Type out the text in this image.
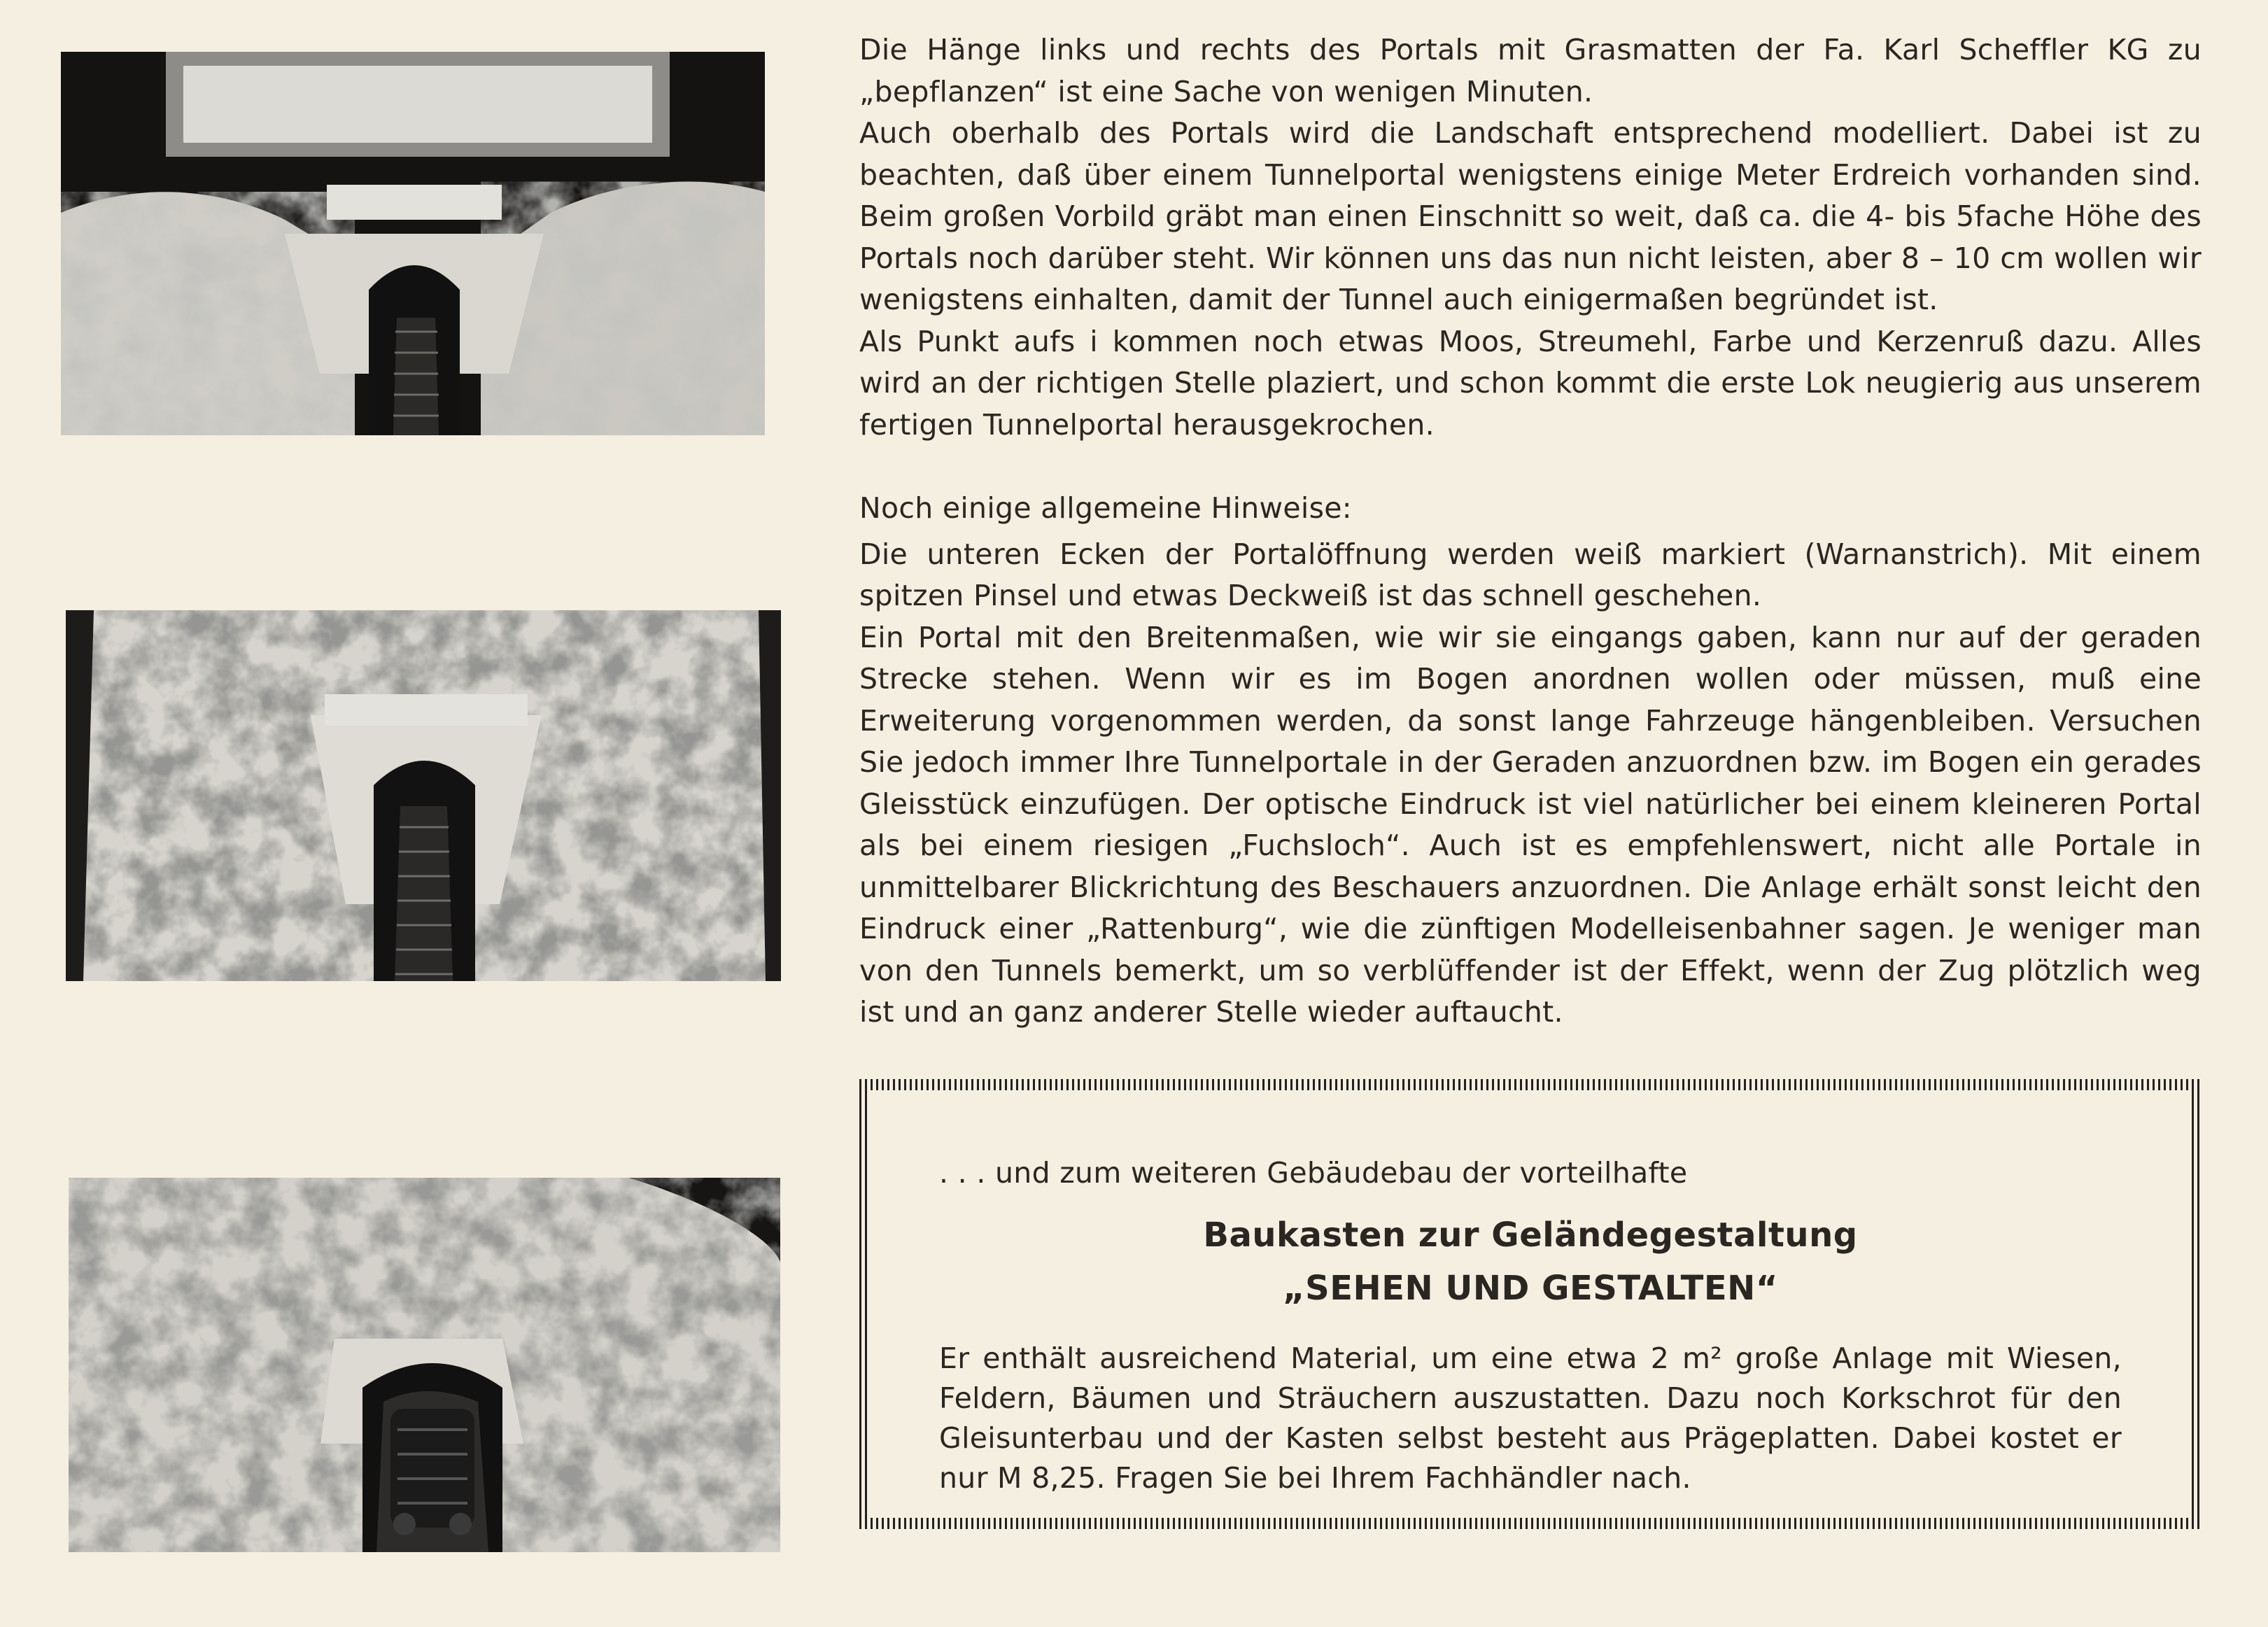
Die Hänge links und rechts des Portals mit Grasmatten der Fa. Karl Scheffler KG zu „bepflanzen“ ist eine Sache von wenigen Minuten.

Auch oberhalb des Portals wird die Landschaft entsprechend modelliert. Dabei ist zu beachten, daß über einem Tunnelportal wenigstens einige Meter Erdreich vorhanden sind. Beim großen Vorbild gräbt man einen Einschnitt so weit, daß ca. die 4- bis 5fache Höhe des Portals noch darüber steht. Wir können uns das nun nicht leisten, aber 8 – 10 cm wollen wir wenigstens einhalten, damit der Tunnel auch einigermaßen begründet ist.

Als Punkt aufs i kommen noch etwas Moos, Streumehl, Farbe und Kerzenruß dazu. Alles wird an der richtigen Stelle plaziert, und schon kommt die erste Lok neugierig aus unserem fertigen Tunnelportal herausgekrochen.

Noch einige allgemeine Hinweise:

Die unteren Ecken der Portalöffnung werden weiß markiert (Warnanstrich). Mit einem spitzen Pinsel und etwas Deckweiß ist das schnell geschehen.

Ein Portal mit den Breitenmaßen, wie wir sie eingangs gaben, kann nur auf der geraden Strecke stehen. Wenn wir es im Bogen anordnen wollen oder müssen, muß eine Erweiterung vorgenommen werden, da sonst lange Fahrzeuge hängenbleiben. Versuchen Sie jedoch immer Ihre Tunnelportale in der Geraden anzuordnen bzw. im Bogen ein gerades Gleisstück einzufügen. Der optische Eindruck ist viel natürlicher bei einem kleineren Portal als bei einem riesigen „Fuchsloch“. Auch ist es empfehlenswert, nicht alle Portale in unmittelbarer Blickrichtung des Beschauers anzuordnen. Die Anlage erhält sonst leicht den Eindruck einer „Rattenburg“, wie die zünftigen Modelleisenbahner sagen. Je weniger man von den Tunnels bemerkt, um so verblüffender ist der Effekt, wenn der Zug plötzlich weg ist und an ganz anderer Stelle wieder auftaucht.

. . . und zum weiteren Gebäudebau der vorteilhafte

Baukasten zur Geländegestaltung

„SEHEN UND GESTALTEN“

Er enthält ausreichend Material, um eine etwa 2 m² große Anlage mit Wiesen, Feldern, Bäumen und Sträuchern auszustatten. Dazu noch Korkschrot für den Gleisunterbau und der Kasten selbst besteht aus Prägeplatten. Dabei kostet er nur M 8,25. Fragen Sie bei Ihrem Fachhändler nach.
